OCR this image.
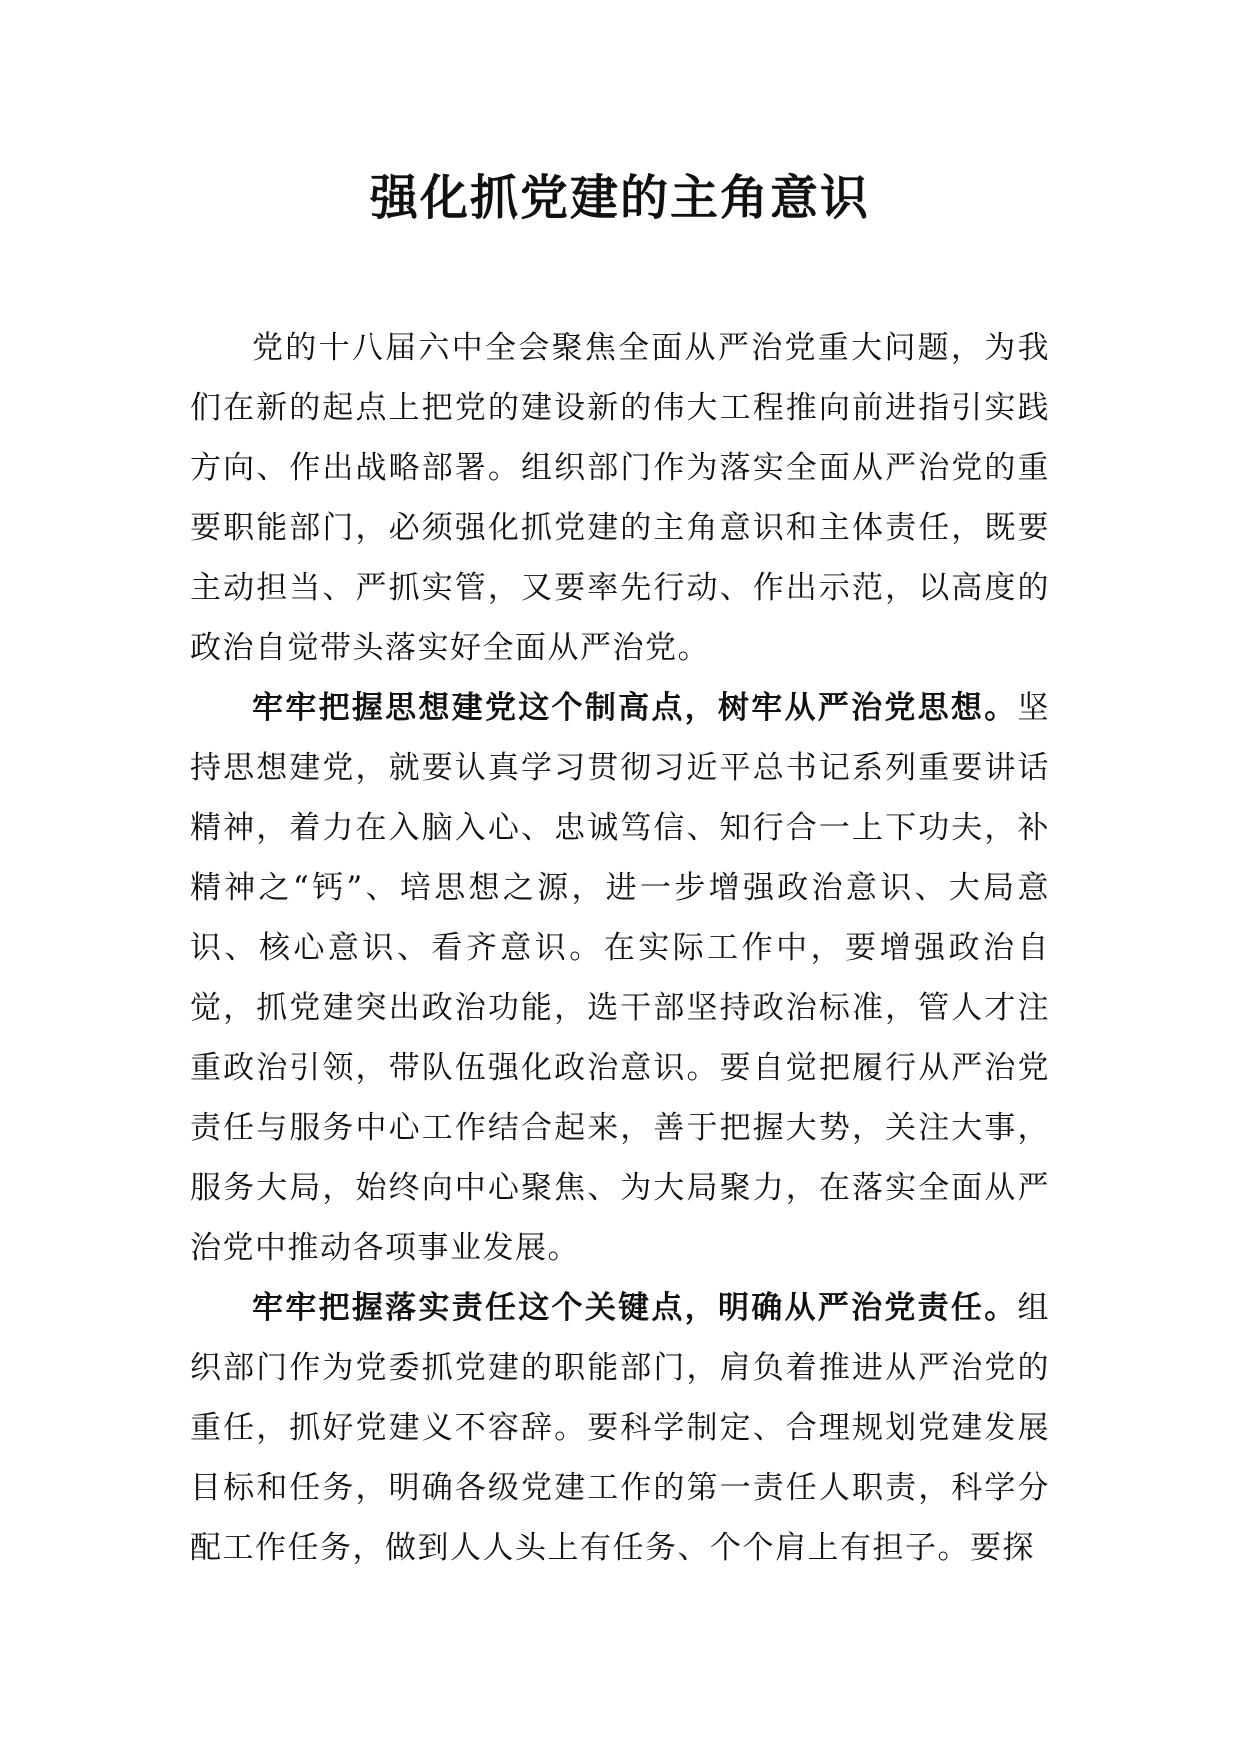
强化抓党建的主角意识

党的十八届六中全会聚焦全面从严治党重大问题，为我们在新的起点上把党的建设新的伟大工程推向前进指引实践方向、作出战略部署。组织部门作为落实全面从严治党的重要职能部门，必须强化抓党建的主角意识和主体责任，既要主动担当、严抓实管，又要率先行动、作出示范，以高度的政治自觉带头落实好全面从严治党。

牢牢把握思想建党这个制高点，树牢从严治党思想。坚持思想建党，就要认真学习贯彻习近平总书记系列重要讲话精神，着力在入脑入心、忠诚笃信、知行合一上下功夫，补精神之“钙”、培思想之源，进一步增强政治意识、大局意识、核心意识、看齐意识。在实际工作中，要增强政治自觉，抓党建突出政治功能，选干部坚持政治标准，管人才注重政治引领，带队伍强化政治意识。要自觉把履行从严治党责任与服务中心工作结合起来，善于把握大势，关注大事，服务大局，始终向中心聚焦、为大局聚力，在落实全面从严治党中推动各项事业发展。

牢牢把握落实责任这个关键点，明确从严治党责任。组织部门作为党委抓党建的职能部门，肩负着推进从严治党的重任，抓好党建义不容辞。要科学制定、合理规划党建发展目标和任务，明确各级党建工作的第一责任人职责，科学分配工作任务，做到人人头上有任务、个个肩上有担子。要探
